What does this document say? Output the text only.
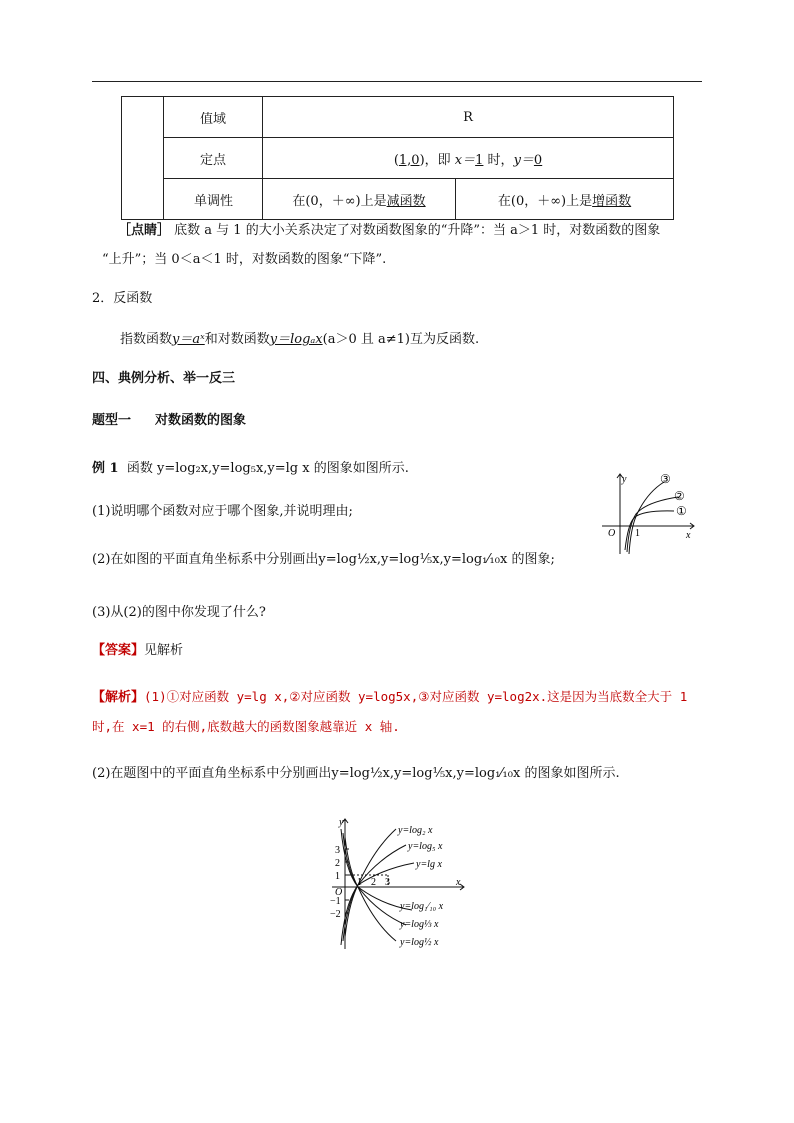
	值域	R	
	定点	(1,0)，即 x＝1 时，y＝0	
	单调性	在(0，＋∞)上是减函数	在(0，＋∞)上是增函数
［点睛］ 底数 a 与 1 的大小关系决定了对数函数图象的“升降”：当 a＞1 时，对数函数的图象
“上升”；当 0＜a＜1 时，对数函数的图象“下降”.
2．反函数
指数函数y＝aˣ和对数函数y＝logₐx(a＞0 且 a≠1)互为反函数.
四、典例分析、举一反三
题型一 对数函数的图象
例 1 函数 y=log₂x,y=log₅x,y=lg x 的图象如图所示.
(1)说明哪个函数对应于哪个图象,并说明理由;
(2)在如图的平面直角坐标系中分别画出y=log½x,y=log⅕x,y=log₁⁄₁₀x 的图象;
(3)从(2)的图中你发现了什么?
【答案】见解析
【解析】(1)①对应函数 y=lg x,②对应函数 y=log5x,③对应函数 y=log2x.这是因为当底数全大于 1
时,在 x=1 的右侧,底数越大的函数图象越靠近 x 轴.
(2)在题图中的平面直角坐标系中分别画出y=log½x,y=log⅕x,y=log₁⁄₁₀x 的图象如图所示.
y
x
O 1
①
②
③
y
x
O
3
2
1
−1
−2
1 2 3
y=log₂ x
y=log₅ x
y=lg x
y=log₁⁄₁₀ x
y=log⅓ x
y=log½ x
